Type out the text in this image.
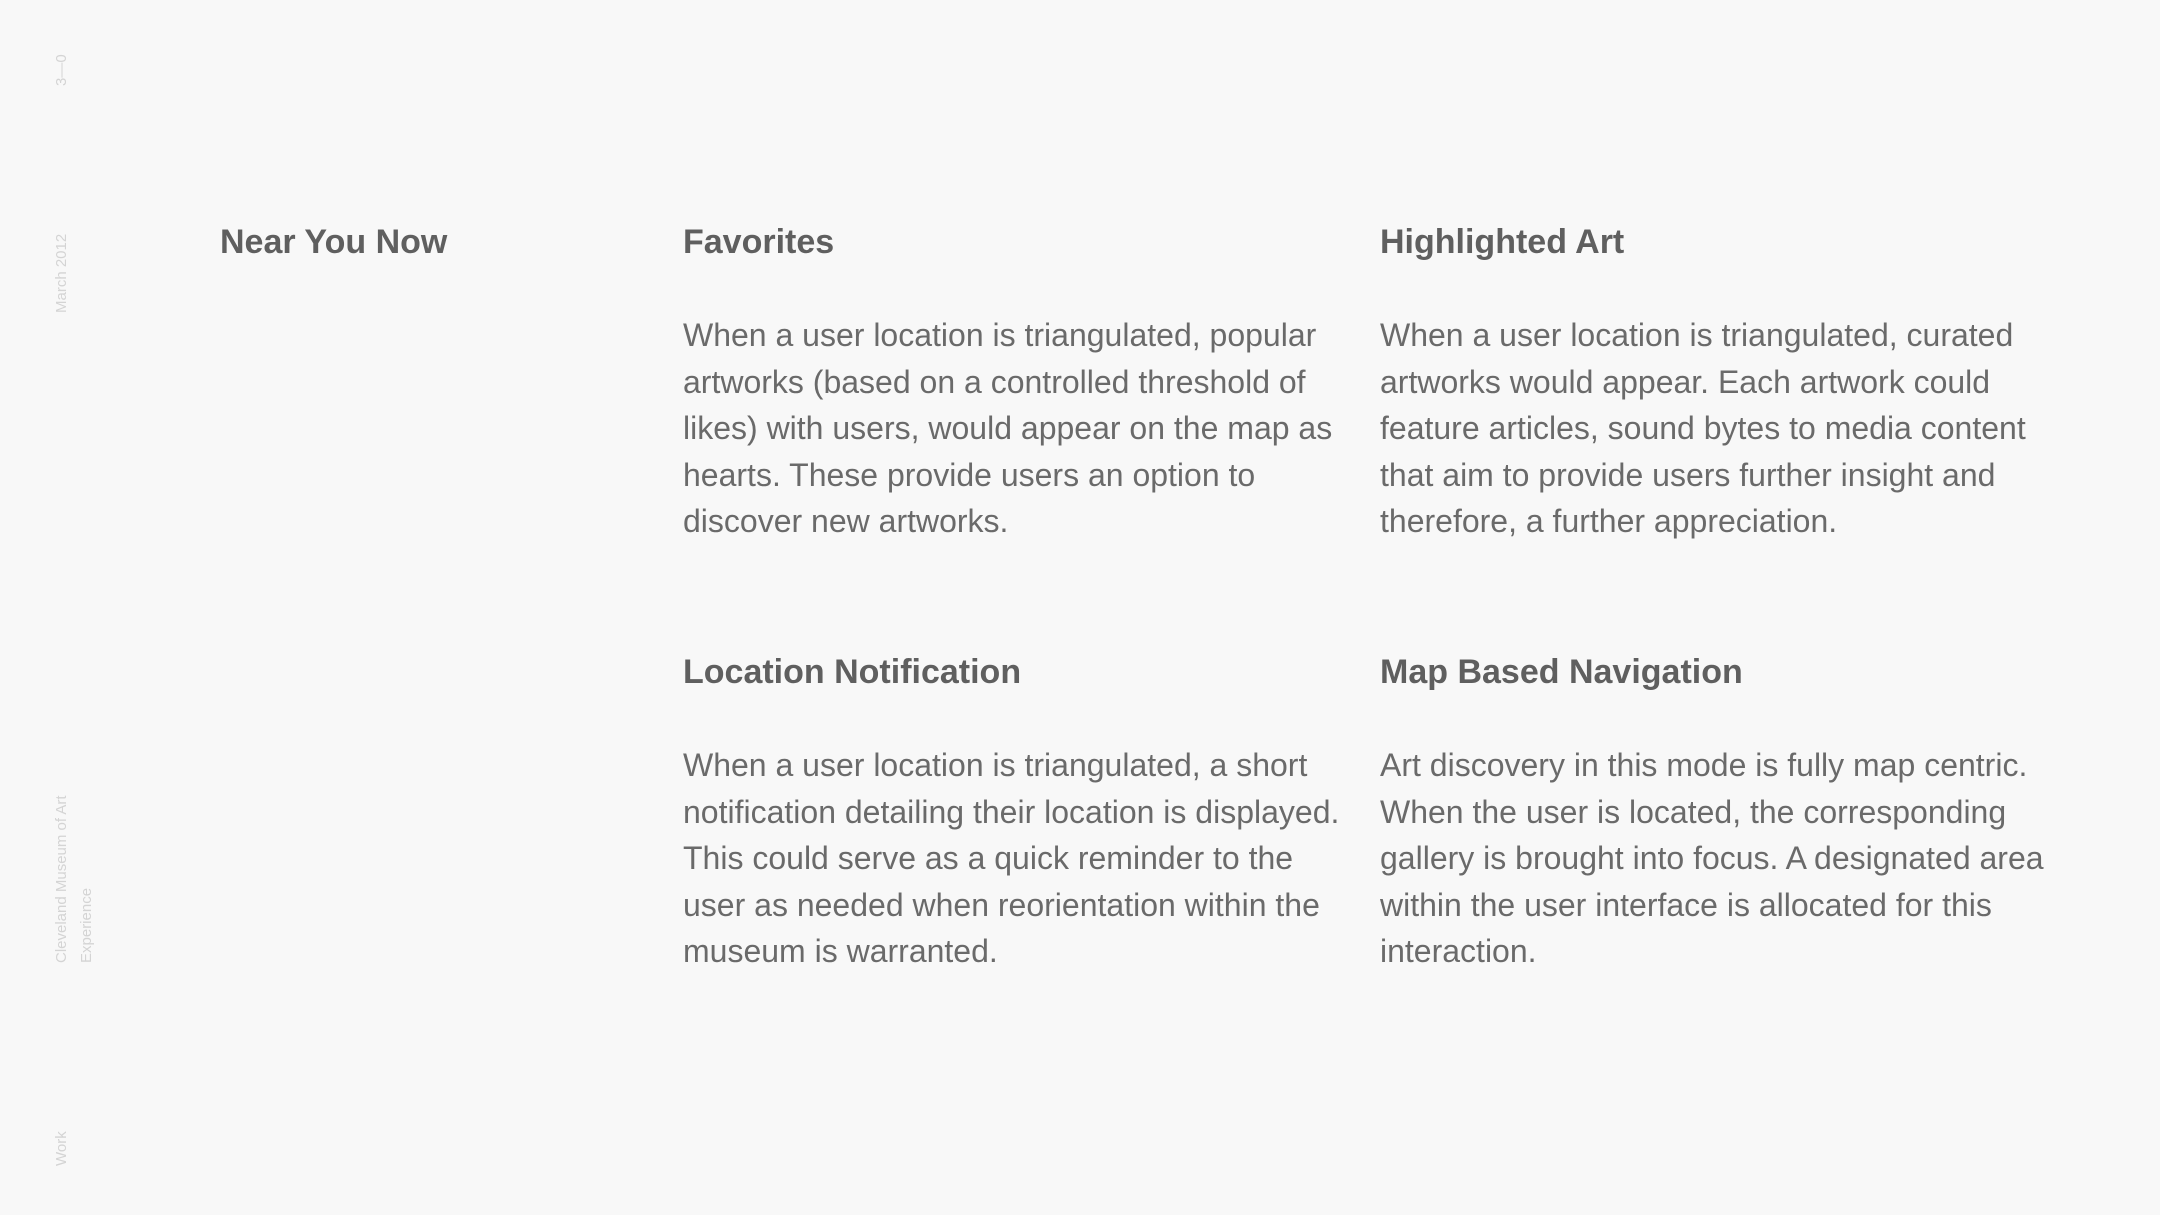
3—0
March 2012
Cleveland Museum of Art Experience
Work
Near You Now	Favorites

When a user location is triangulated, popular artworks (based on a controlled threshold of likes) with users, would appear on the map as hearts. These provide users an option to discover new artworks.

Highlighted Art

When a user location is triangulated, curated artworks would appear. Each artwork could feature articles, sound bytes to media content that aim to provide users further insight and therefore, a further appreciation.

Location Notification

When a user location is triangulated, a short notification detailing their location is displayed. This could serve as a quick reminder to the user as needed when reorientation within the museum is warranted.

Map Based Navigation

Art discovery in this mode is fully map centric. When the user is located, the corresponding gallery is brought into focus. A designated area within the user interface is allocated for this interaction.
